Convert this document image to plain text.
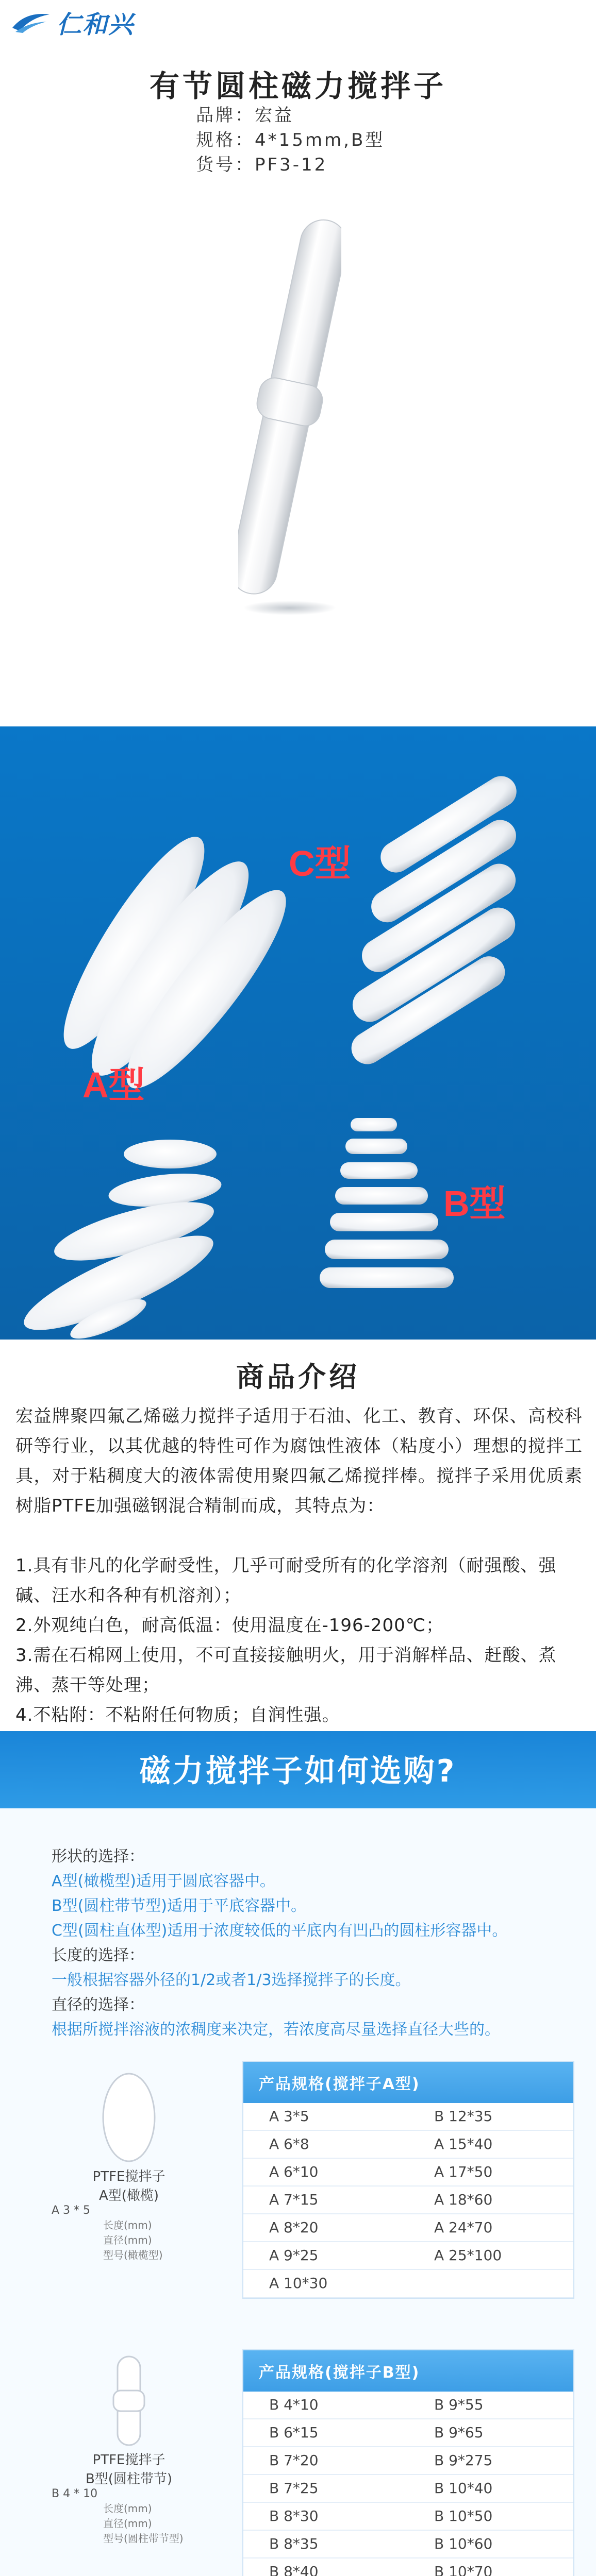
仁和兴
有节圆柱磁力搅拌子
品牌：宏益
规格：4*15mm,B型
货号：PF3-12
C型
A型
B型
商品介绍
宏益牌聚四氟乙烯磁力搅拌子适用于石油、化工、教育、环保、高校科研等行业，以其优越的特性可作为腐蚀性液体（粘度小）理想的搅拌工具，对于粘稠度大的液体需使用聚四氟乙烯搅拌棒。搅拌子采用优质素树脂PTFE加强磁钢混合精制而成，其特点为：
1.具有非凡的化学耐受性，几乎可耐受所有的化学溶剂（耐强酸、强碱、汪水和各种有机溶剂）；
2.外观纯白色，耐高低温：使用温度在-196-200℃；
3.需在石棉网上使用，不可直接接触明火，用于消解样品、赶酸、煮沸、蒸干等处理；
4.不粘附：不粘附任何物质；自润性强。
磁力搅拌子如何选购?
形状的选择：
A型(橄榄型)适用于圆底容器中。
B型(圆柱带节型)适用于平底容器中。
C型(圆柱直体型)适用于浓度较低的平底内有凹凸的圆柱形容器中。
长度的选择：
一般根据容器外径的1/2或者1/3选择搅拌子的长度。
直径的选择：
根据所搅拌溶液的浓稠度来决定，若浓度高尽量选择直径大些的。
产品规格(搅拌子A型)
A 3*5	B 12*35
A 6*8	A 15*40
A 6*10	A 17*50
A 7*15	A 18*60
A 8*20	A 24*70
A 9*25	A 25*100
A 10*30
PTFE搅拌子
A型(橄榄)
A 3 * 5
长度(mm)
直径(mm)
型号(橄榄型)
产品规格(搅拌子B型)
B 4*10	B 9*55
B 6*15	B 9*65
B 7*20	B 9*275
B 7*25	B 10*40
B 8*30	B 10*50
B 8*35	B 10*60
B 8*40	B 10*70
PTFE搅拌子
B型(圆柱带节)
B 4 * 10
长度(mm)
直径(mm)
型号(圆柱带节型)
